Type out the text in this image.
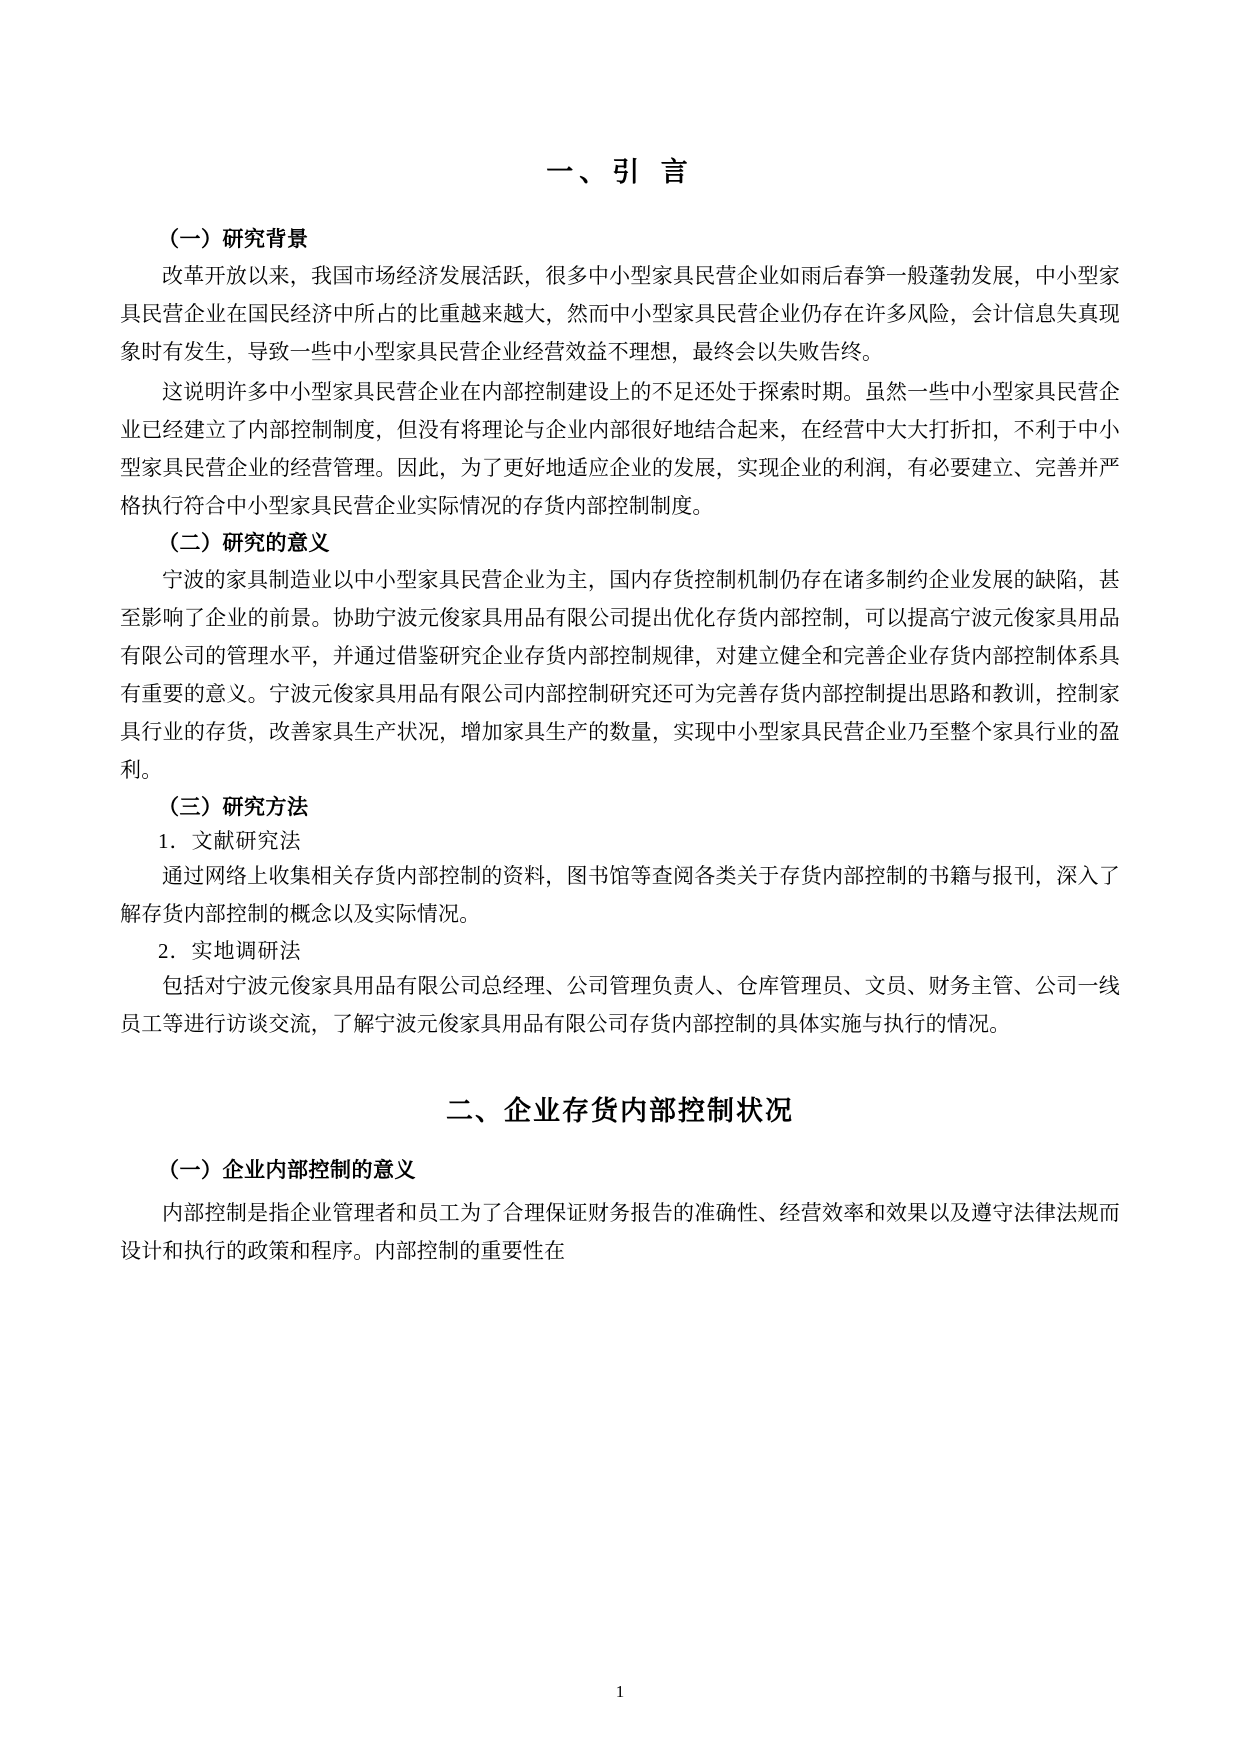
一、引 言
（一）研究背景

改革开放以来，我国市场经济发展活跃，很多中小型家具民营企业如雨后春笋一般蓬勃发展，中小型家具民营企业在国民经济中所占的比重越来越大，然而中小型家具民营企业仍存在许多风险，会计信息失真现象时有发生，导致一些中小型家具民营企业经营效益不理想，最终会以失败告终。

这说明许多中小型家具民营企业在内部控制建设上的不足还处于探索时期。虽然一些中小型家具民营企业已经建立了内部控制制度，但没有将理论与企业内部很好地结合起来，在经营中大大打折扣，不利于中小型家具民营企业的经营管理。因此，为了更好地适应企业的发展，实现企业的利润，有必要建立、完善并严格执行符合中小型家具民营企业实际情况的存货内部控制制度。

（二）研究的意义

宁波的家具制造业以中小型家具民营企业为主，国内存货控制机制仍存在诸多制约企业发展的缺陷，甚至影响了企业的前景。协助宁波元俊家具用品有限公司提出优化存货内部控制，可以提高宁波元俊家具用品有限公司的管理水平，并通过借鉴研究企业存货内部控制规律，对建立健全和完善企业存货内部控制体系具有重要的意义。宁波元俊家具用品有限公司内部控制研究还可为完善存货内部控制提出思路和教训，控制家具行业的存货，改善家具生产状况，增加家具生产的数量，实现中小型家具民营企业乃至整个家具行业的盈利。

（三）研究方法
1．文献研究法

通过网络上收集相关存货内部控制的资料，图书馆等查阅各类关于存货内部控制的书籍与报刊，深入了解存货内部控制的概念以及实际情况。

2．实地调研法

包括对宁波元俊家具用品有限公司总经理、公司管理负责人、仓库管理员、文员、财务主管、公司一线员工等进行访谈交流，了解宁波元俊家具用品有限公司存货内部控制的具体实施与执行的情况。

二、企业存货内部控制状况
（一）企业内部控制的意义

内部控制是指企业管理者和员工为了合理保证财务报告的准确性、经营效率和效果以及遵守法律法规而设计和执行的政策和程序。内部控制的重要性在

1
